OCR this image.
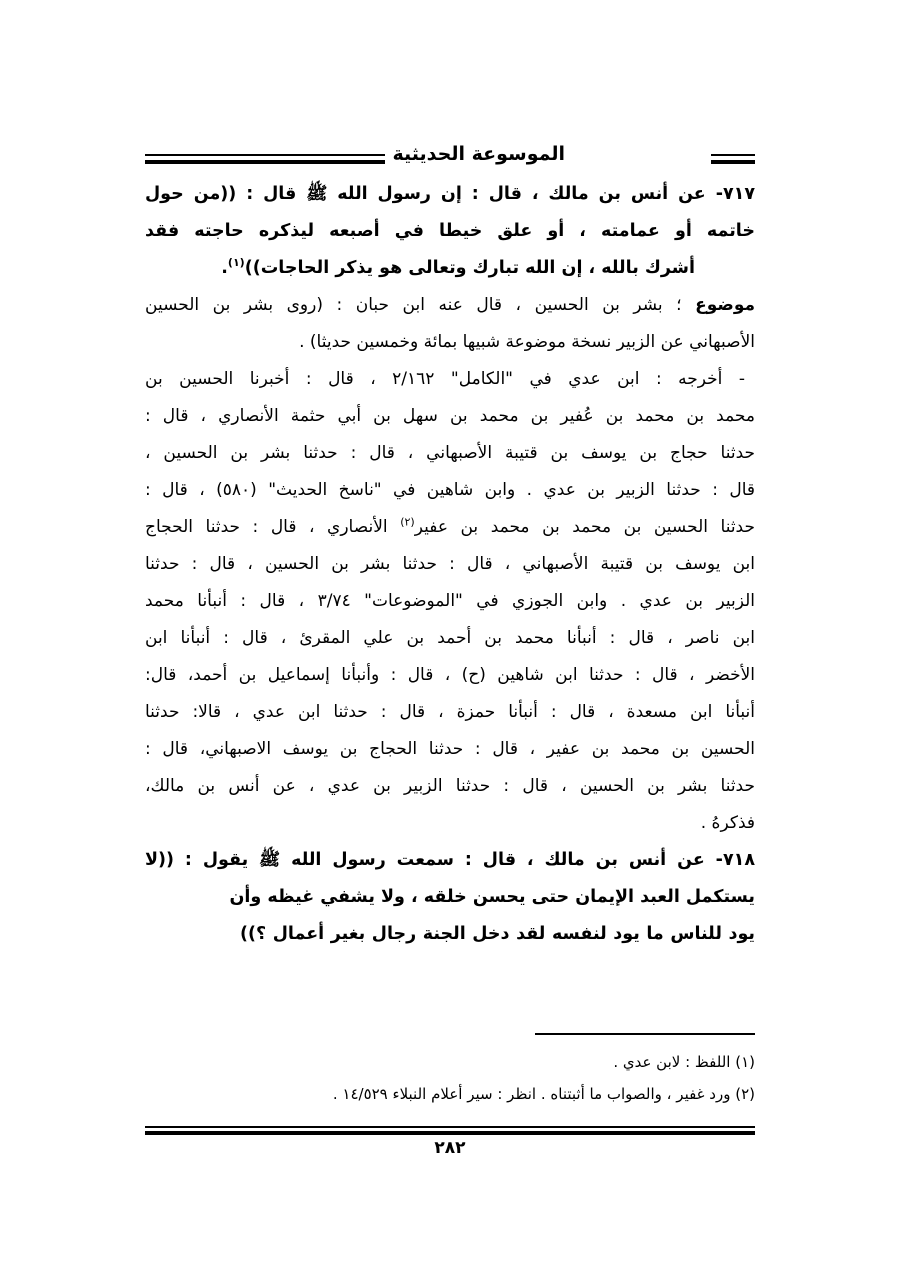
الموسوعة الحديثية
٧١٧- عن أنس بن مالك ، قال : إن رسول الله ﷺ قال : ((من حول
خاتمه أو عمامته ، أو علق خيطا في أصبعه ليذكره حاجته فقد
أشرك بالله ، إن الله تبارك وتعالى هو يذكر الحاجات))$^{(١)}$.
موضوع ؛ بشر بن الحسين ، قال عنه ابن حبان : (روى بشر بن الحسين
الأصبهاني عن الزبير نسخة موضوعة شبيها بمائة وخمسين حديثا) .
- أخرجه : ابن عدي في "الكامل" ٢/١٦٢ ، قال : أخبرنا الحسين بن
محمد بن محمد بن عُفير بن محمد بن سهل بن أبي حثمة الأنصاري ، قال :
حدثنا حجاج بن يوسف بن قتيبة الأصبهاني ، قال : حدثنا بشر بن الحسين ،
قال : حدثنا الزبير بن عدي . وابن شاهين في "ناسخ الحديث" (٥٨٠) ، قال :
حدثنا الحسين بن محمد بن محمد بن عفير$^{(٢)}$ الأنصاري ، قال : حدثنا الحجاج
ابن يوسف بن قتيبة الأصبهاني ، قال : حدثنا بشر بن الحسين ، قال : حدثنا
الزبير بن عدي . وابن الجوزي في "الموضوعات" ٣/٧٤ ، قال : أنبأنا محمد
ابن ناصر ، قال : أنبأنا محمد بن أحمد بن علي المقرئ ، قال : أنبأنا ابن
الأخضر ، قال : حدثنا ابن شاهين (ح) ، قال : وأنبأنا إسماعيل بن أحمد، قال:
أنبأنا ابن مسعدة ، قال : أنبأنا حمزة ، قال : حدثنا ابن عدي ، قالا: حدثنا
الحسين بن محمد بن عفير ، قال : حدثنا الحجاج بن يوسف الاصبهاني، قال :
حدثنا بشر بن الحسين ، قال : حدثنا الزبير بن عدي ، عن أنس بن مالك،
فذكرهُ .
٧١٨- عن أنس بن مالك ، قال : سمعت رسول الله ﷺ يقول : ((لا
يستكمل العبد الإيمان حتى يحسن خلقه ، ولا يشفي غيظه وأن
يود للناس ما يود لنفسه لقد دخل الجنة رجال بغير أعمال ؟))
(١) اللفظ : لابن عدي .
(٢) ورد غفير ، والصواب ما أثبتناه . انظر : سير أعلام النبلاء ١٤/٥٢٩ .
٢٨٢
